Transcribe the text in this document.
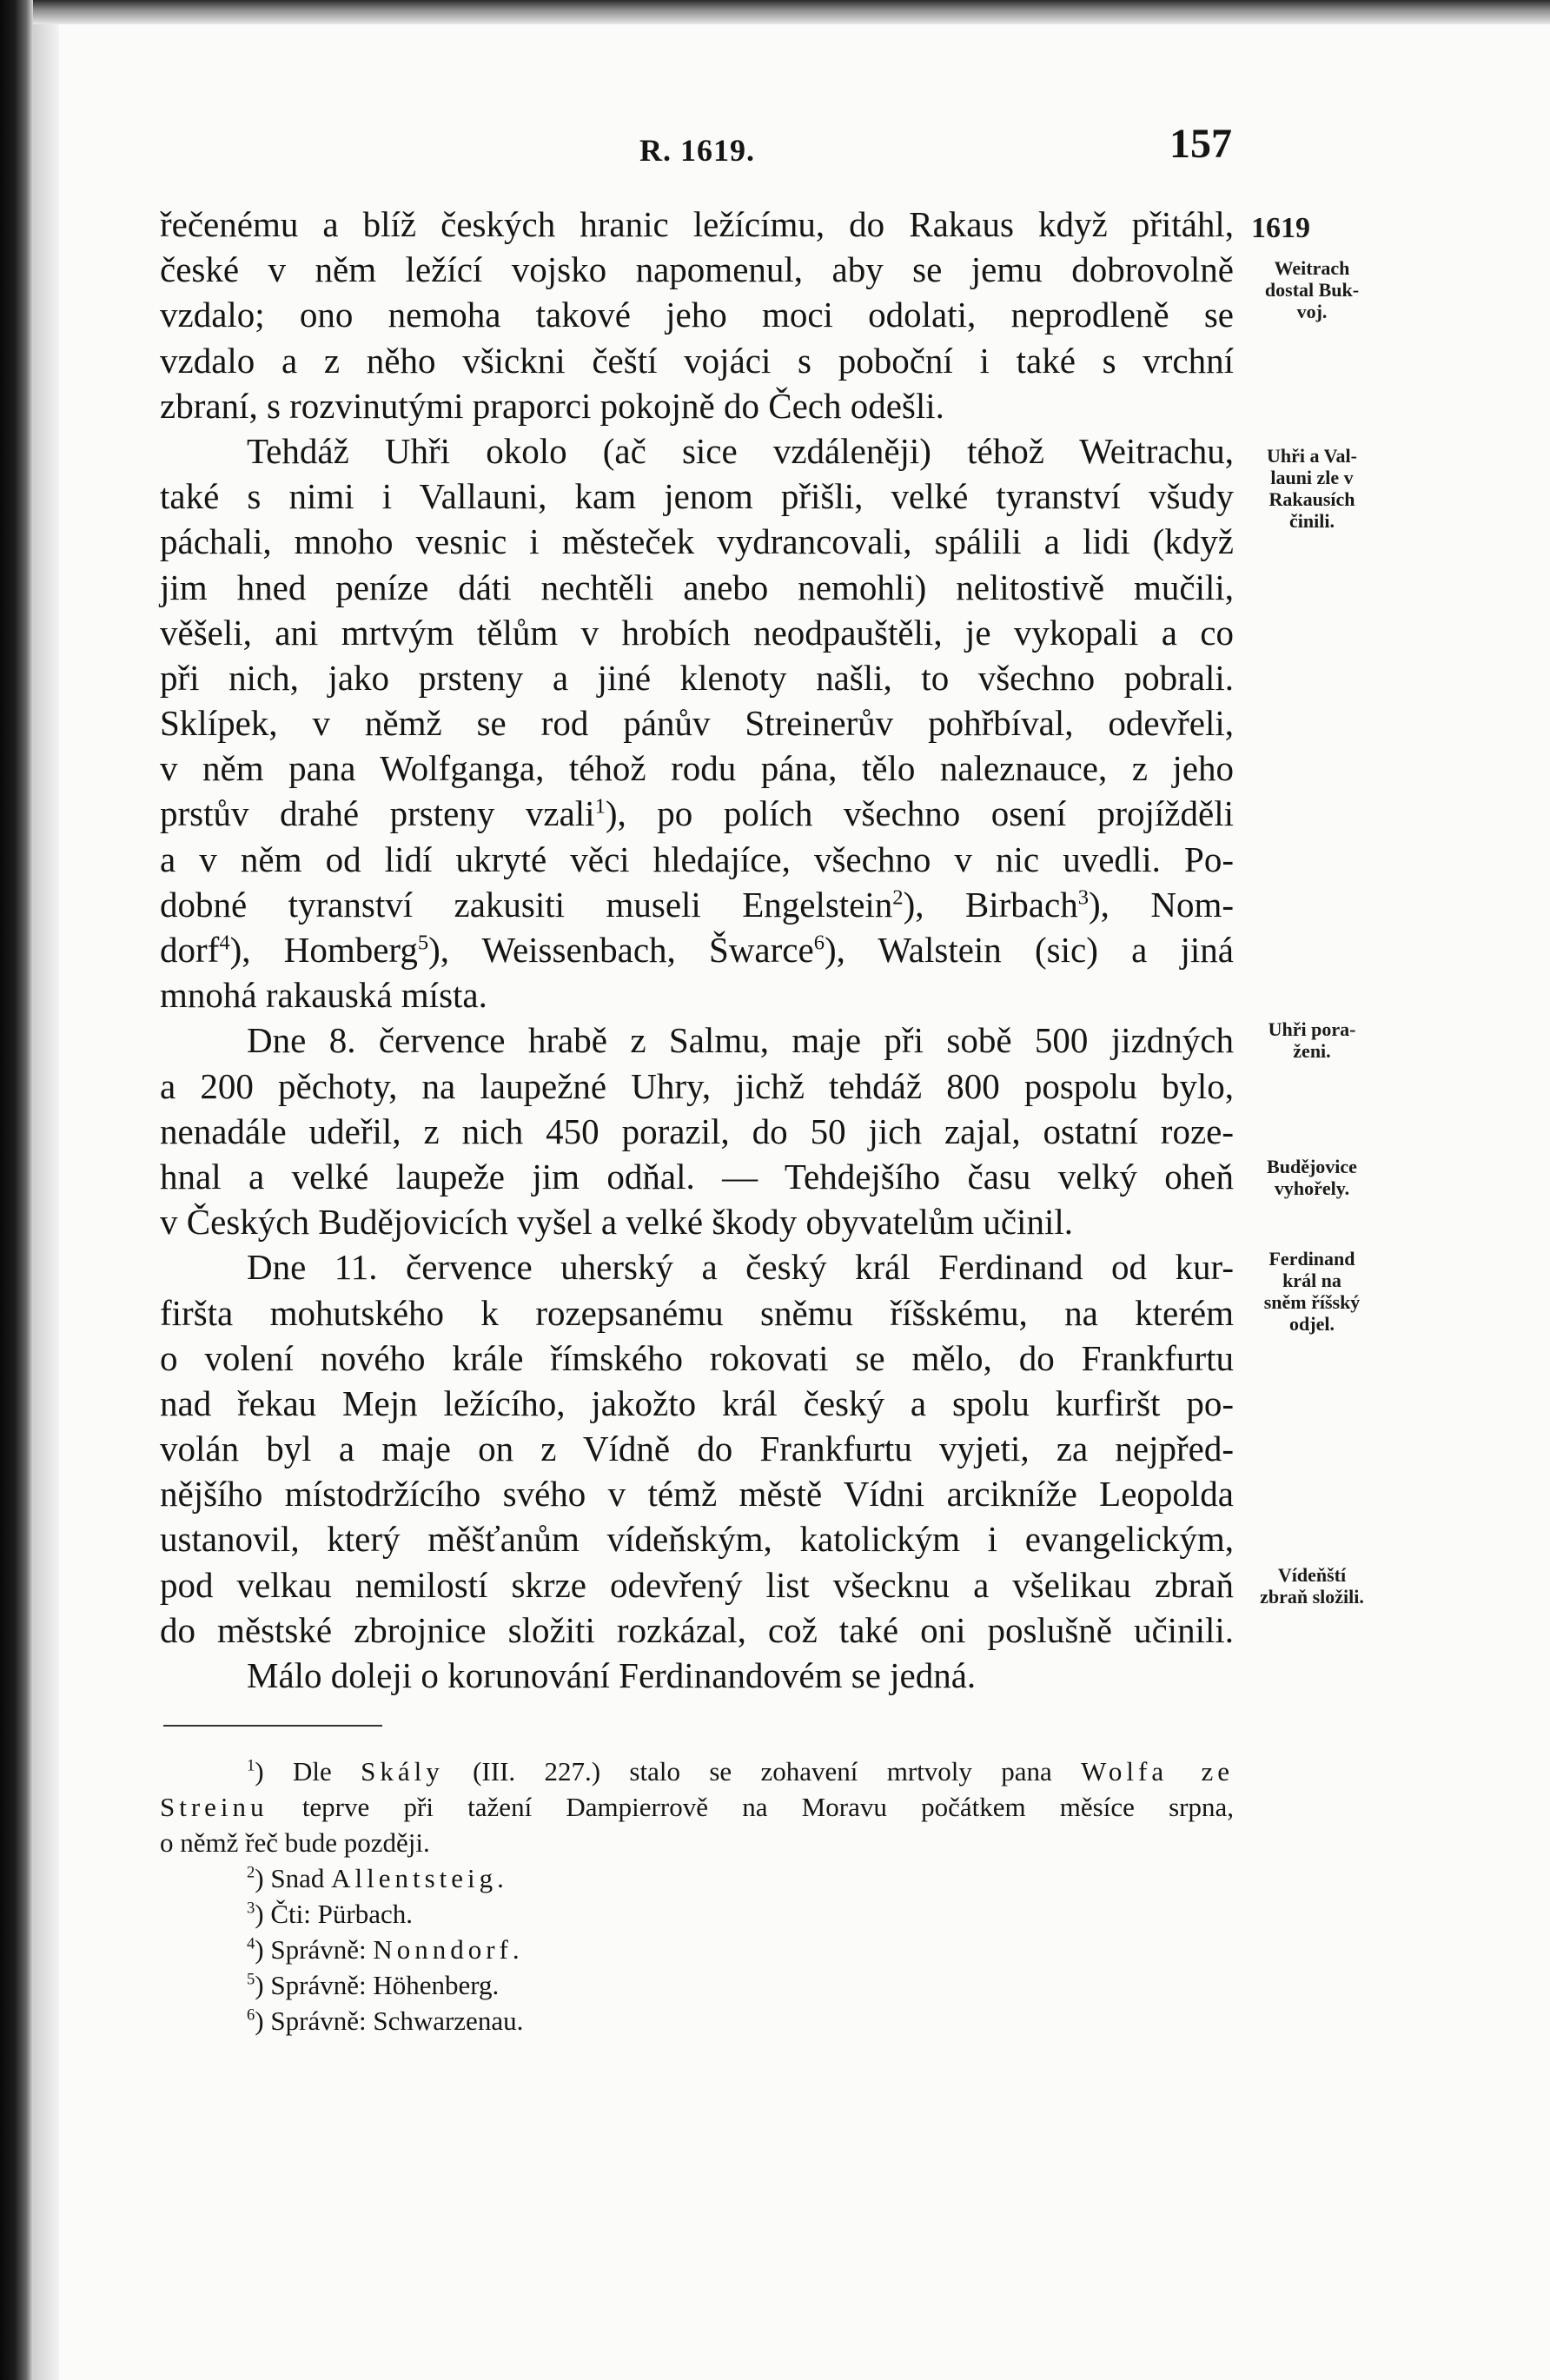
R. 1619.	157
řečenému a blíž českých hranic ležícímu, do Rakaus když přitáhl,
české v něm ležící vojsko napomenul, aby se jemu dobrovolně
vzdalo; ono nemoha takové jeho moci odolati, neprodleně se
vzdalo a z něho všickni čeští vojáci s poboční i také s vrchní
zbraní, s rozvinutými praporci pokojně do Čech odešli.
Tehdáž Uhři okolo (ač sice vzdáleněji) téhož Weitrachu,
také s nimi i Vallauni, kam jenom přišli, velké tyranství všudy
páchali, mnoho vesnic i městeček vydrancovali, spálili a lidi (když
jim hned peníze dáti nechtěli anebo nemohli) nelitostivě mučili,
věšeli, ani mrtvým tělům v hrobích neodpauštěli, je vykopali a co
při nich, jako prsteny a jiné klenoty našli, to všechno pobrali.
Sklípek, v němž se rod pánův Streinerův pohřbíval, odevřeli,
v něm pana Wolfganga, téhož rodu pána, tělo naleznauce, z jeho
prstův drahé prsteny vzali$^1$), po polích všechno osení projížděli
a v něm od lidí ukryté věci hledajíce, všechno v nic uvedli. Po-
dobné tyranství zakusiti museli Engelstein$^2$), Birbach$^3$), Nom-
dorf$^4$), Homberg$^5$), Weissenbach, Šwarce$^6$), Walstein (sic) a jiná
mnohá rakauská místa.
Dne 8. července hrabě z Salmu, maje při sobě 500 jizdných
a 200 pěchoty, na laupežné Uhry, jichž tehdáž 800 pospolu bylo,
nenadále udeřil, z nich 450 porazil, do 50 jich zajal, ostatní roze-
hnal a velké laupeže jim odňal. — Tehdejšího času velký oheň
v Českých Budějovicích vyšel a velké škody obyvatelům učinil.
Dne 11. července uherský a český král Ferdinand od kur-
firšta mohutského k rozepsanému sněmu říšskému, na kterém
o volení nového krále římského rokovati se mělo, do Frankfurtu
nad řekau Mejn ležícího, jakožto král český a spolu kurfiršt po-
volán byl a maje on z Vídně do Frankfurtu vyjeti, za nejpřed-
nějšího místodržícího svého v témž městě Vídni arcikníže Leopolda
ustanovil, který měšťanům vídeňským, katolickým i evangelickým,
pod velkau nemilostí skrze odevřený list všecknu a všelikau zbraň
do městské zbrojnice složiti rozkázal, což také oni poslušně učinili.
Málo doleji o korunování Ferdinandovém se jedná.
1619
Weitrach
dostal Buk-
voj.
Uhři a Val-
launi zle v
Rakausích
činili.
Uhři pora-
ženi.
Budějovice
vyhořely.
Ferdinand
král na
sněm říšský
odjel.
Vídeňští
zbraň složili.
$^1$) Dle Skály (III. 227.) stalo se zohavení mrtvoly pana Wolfa ze
Streinu teprve při tažení Dampierrově na Moravu počátkem měsíce srpna,
o němž řeč bude později.
$^2$) Snad Allentsteig.
$^3$) Čti: Pürbach.
$^4$) Správně: Nonndorf.
$^5$) Správně: Höhenberg.
$^6$) Správně: Schwarzenau.
